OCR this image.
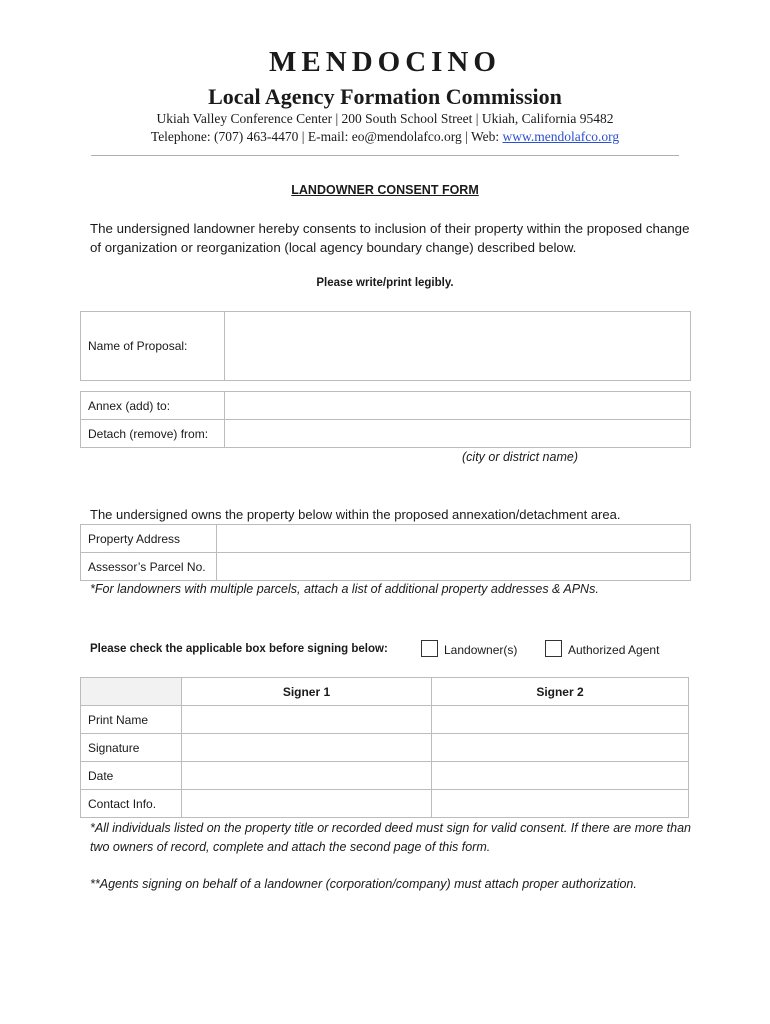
MENDOCINO
Local Agency Formation Commission
Ukiah Valley Conference Center | 200 South School Street | Ukiah, California 95482
Telephone: (707) 463-4470 | E-mail: eo@mendolafco.org | Web: www.mendolafco.org
LANDOWNER CONSENT FORM
The undersigned landowner hereby consents to inclusion of their property within the proposed change of organization or reorganization (local agency boundary change) described below.
Please write/print legibly.
Name of Proposal:	
Annex (add) to:	
Detach (remove) from:	
(city or district name)
The undersigned owns the property below within the proposed annexation/detachment area.
Property Address	
Assessor’s Parcel No.	
*For landowners with multiple parcels, attach a list of additional property addresses & APNs.
Please check the applicable box before signing below:	Landowner(s)	Authorized Agent
	Signer 1	Signer 2
Print Name		
Signature		
Date		
Contact Info.		
*All individuals listed on the property title or recorded deed must sign for valid consent. If there are more than two owners of record, complete and attach the second page of this form.
**Agents signing on behalf of a landowner (corporation/company) must attach proper authorization.
